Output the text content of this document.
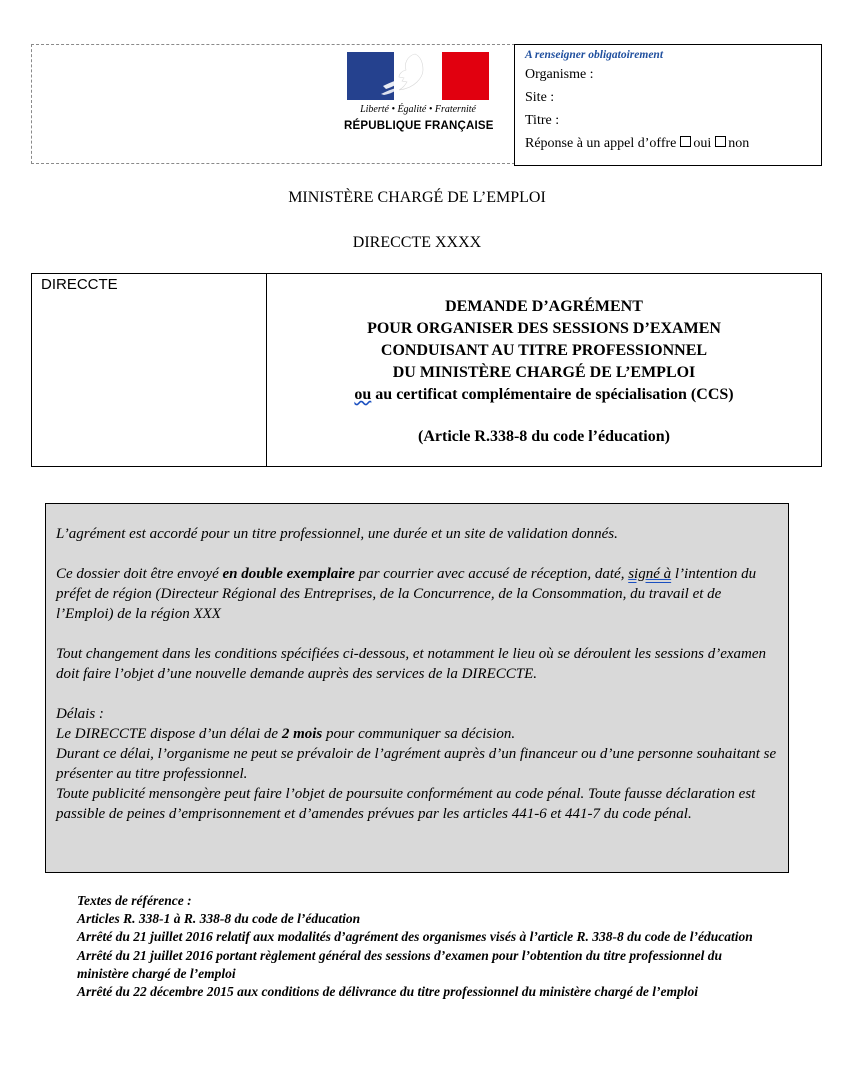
Liberté • Égalité • Fraternité
RÉPUBLIQUE FRANÇAISE
A renseigner obligatoirement
Organisme :
Site :
Titre :
Réponse à un appel d’offre oui non
MINISTÈRE CHARGÉ DE L’EMPLOI
DIRECCTE XXXX
DIRECCTE
DEMANDE D’AGRÉMENT
POUR ORGANISER DES SESSIONS D’EXAMEN
CONDUISANT AU TITRE PROFESSIONNEL
DU MINISTÈRE CHARGÉ DE L’EMPLOI
ou au certificat complémentaire de spécialisation (CCS)
(Article R.338-8 du code l’éducation)

L’agrément est accordé pour un titre professionnel, une durée et un site de validation donnés.

Ce dossier doit être envoyé en double exemplaire par courrier avec accusé de réception, daté, signé à l’intention du préfet de région (Directeur Régional des Entreprises, de la Concurrence, de la Consommation, du travail et de l’Emploi) de la région XXX

Tout changement dans les conditions spécifiées ci-dessous, et notamment le lieu où se déroulent les sessions d’examen doit faire l’objet d’une nouvelle demande auprès des services de la DIRECCTE.

Délais :
Le DIRECCTE dispose d’un délai de 2 mois pour communiquer sa décision.
Durant ce délai, l’organisme ne peut se prévaloir de l’agrément auprès d’un financeur ou d’une personne souhaitant se présenter au titre professionnel.
Toute publicité mensongère peut faire l’objet de poursuite conformément au code pénal. Toute fausse déclaration est passible de peines d’emprisonnement et d’amendes prévues par les articles 441-6 et 441-7 du code pénal.
Textes de référence :
Articles R. 338-1 à R. 338-8 du code de l’éducation
Arrêté du 21 juillet 2016 relatif aux modalités d’agrément des organismes visés à l’article R. 338-8 du code de l’éducation
Arrêté du 21 juillet 2016 portant règlement général des sessions d’examen pour l’obtention du titre professionnel du ministère chargé de l’emploi
Arrêté du 22 décembre 2015 aux conditions de délivrance du titre professionnel du ministère chargé de l’emploi
